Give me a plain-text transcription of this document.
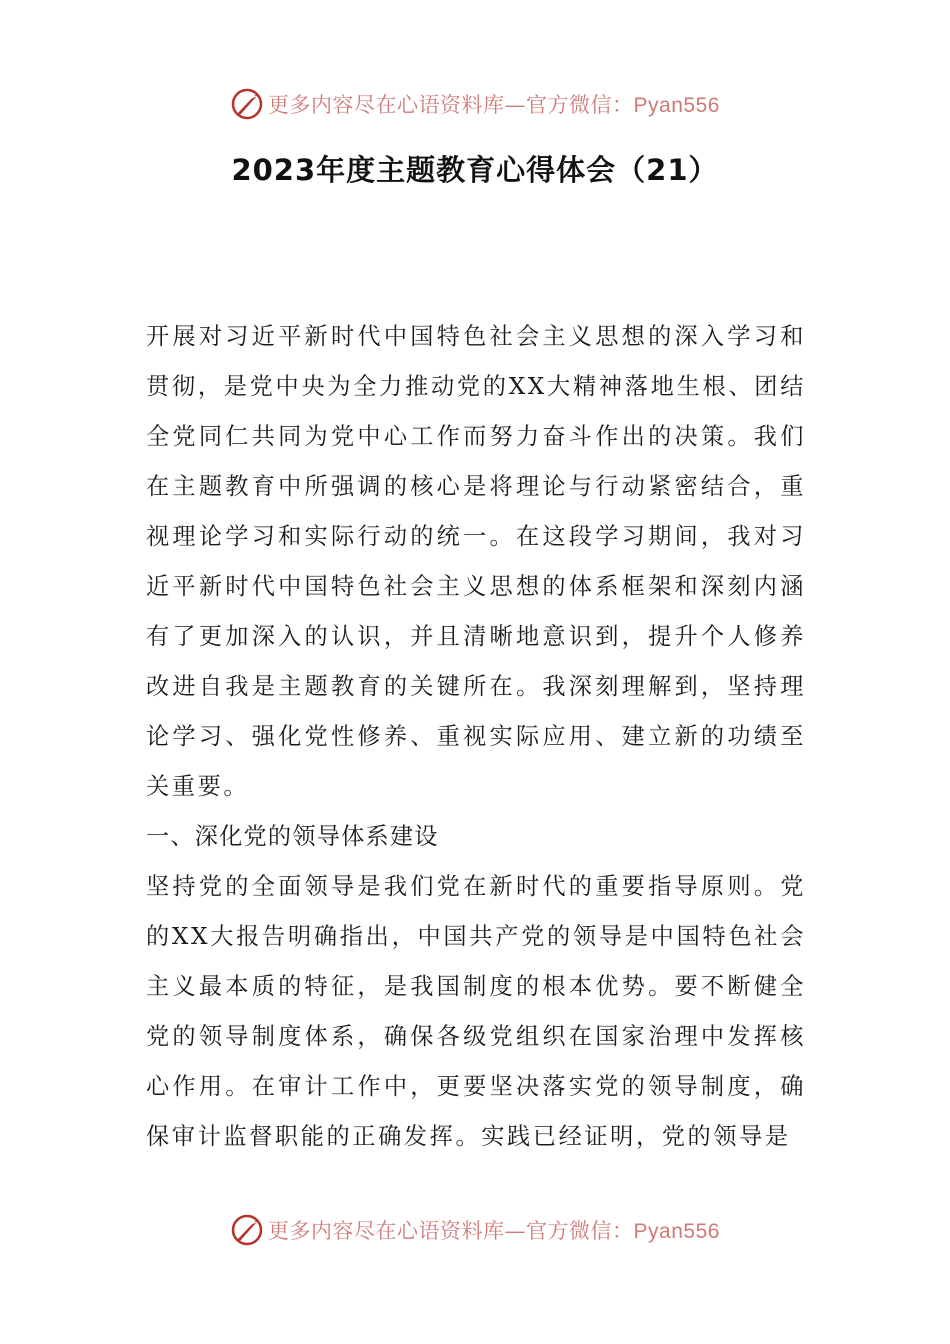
更多内容尽在心语资料库—官方微信：Pyan556
2023年度主题教育心得体会（21）

开展对习近平新时代中国特色社会主义思想的深入学习和贯彻，是党中央为全力推动党的XX大精神落地生根、团结全党同仁共同为党中心工作而努力奋斗作出的决策。我们在主题教育中所强调的核心是将理论与行动紧密结合，重视理论学习和实际行动的统一。在这段学习期间，我对习近平新时代中国特色社会主义思想的体系框架和深刻内涵有了更加深入的认识，并且清晰地意识到，提升个人修养改进自我是主题教育的关键所在。我深刻理解到，坚持理论学习、强化党性修养、重视实际应用、建立新的功绩至关重要。

一、深化党的领导体系建设

坚持党的全面领导是我们党在新时代的重要指导原则。党的XX大报告明确指出，中国共产党的领导是中国特色社会主义最本质的特征，是我国制度的根本优势。要不断健全党的领导制度体系，确保各级党组织在国家治理中发挥核心作用。在审计工作中，更要坚决落实党的领导制度，确保审计监督职能的正确发挥。实践已经证明，党的领导是

更多内容尽在心语资料库—官方微信：Pyan556
